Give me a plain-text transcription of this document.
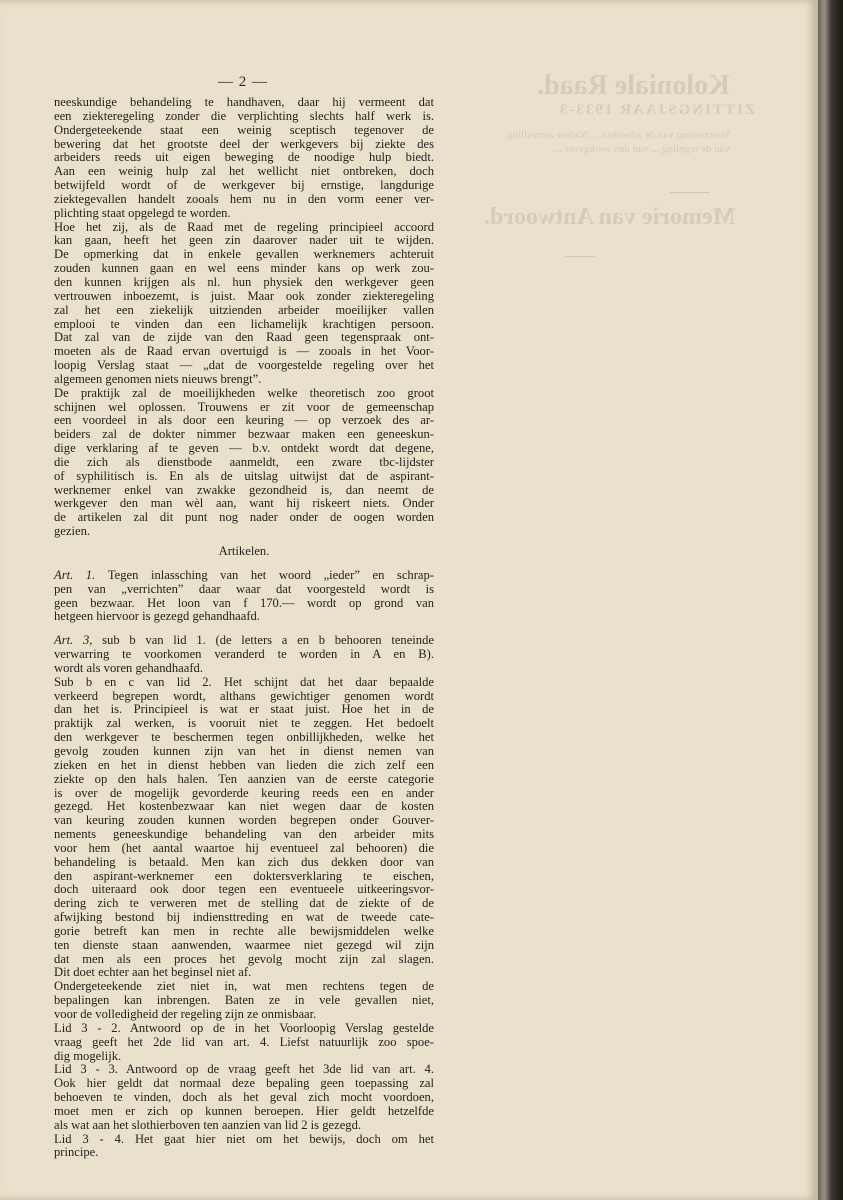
Koloniale Raad.
ZITTINGSJAAR 1933-3
Voorziening van de arbeiders ... Nadere aanvulling van de regeling ... van den werkgever ...
Memorie van Antwoord.
— 2 —
neeskundige behandeling te handhaven, daar hij vermeent dat
een ziekteregeling zonder die verplichting slechts half werk is.
Ondergeteekende staat een weinig sceptisch tegenover de
bewering dat het grootste deel der werkgevers bij ziekte des
arbeiders reeds uit eigen beweging de noodige hulp biedt.
Aan een weinig hulp zal het wellicht niet ontbreken, doch
betwijfeld wordt of de werkgever bij ernstige, langdurige
ziektegevallen handelt zooals hem nu in den vorm eener ver-
plichting staat opgelegd te worden.
Hoe het zij, als de Raad met de regeling principieel accoord
kan gaan, heeft het geen zin daarover nader uit te wijden.
De opmerking dat in enkele gevallen werknemers achteruit
zouden kunnen gaan en wel eens minder kans op werk zou-
den kunnen krijgen als nl. hun physiek den werkgever geen
vertrouwen inboezemt, is juist. Maar ook zonder ziekteregeling
zal het een ziekelijk uitzienden arbeider moeilijker vallen
emplooi te vinden dan een lichamelijk krachtigen persoon.
Dat zal van de zijde van den Raad geen tegenspraak ont-
moeten als de Raad ervan overtuigd is — zooals in het Voor-
loopig Verslag staat — „dat de voorgestelde regeling over het
algemeen genomen niets nieuws brengt”.
De praktijk zal de moeilijkheden welke theoretisch zoo groot
schijnen wel oplossen. Trouwens er zit voor de gemeenschap
een voordeel in als door een keuring — op verzoek des ar-
beiders zal de dokter nimmer bezwaar maken een geneeskun-
dige verklaring af te geven — b.v. ontdekt wordt dat degene,
die zich als dienstbode aanmeldt, een zware tbc-lijdster
of syphilitisch is. En als de uitslag uitwijst dat de aspirant-
werknemer enkel van zwakke gezondheid is, dan neemt de
werkgever den man wèl aan, want hij riskeert niets. Onder
de artikelen zal dit punt nog nader onder de oogen worden
gezien.
Artikelen.
Art. 1. Tegen inlassching van het woord „ieder” en schrap-
pen van „verrichten” daar waar dat voorgesteld wordt is
geen bezwaar. Het loon van f 170.— wordt op grond van
hetgeen hiervoor is gezegd gehandhaafd.
Art. 3, sub b van lid 1. (de letters a en b behooren teneinde
verwarring te voorkomen veranderd te worden in A en B).
wordt als voren gehandhaafd.
Sub b en c van lid 2. Het schijnt dat het daar bepaalde
verkeerd begrepen wordt, althans gewichtiger genomen wordt
dan het is. Principieel is wat er staat juist. Hoe het in de
praktijk zal werken, is vooruit niet te zeggen. Het bedoelt
den werkgever te beschermen tegen onbillijkheden, welke het
gevolg zouden kunnen zijn van het in dienst nemen van
zieken en het in dienst hebben van lieden die zich zelf een
ziekte op den hals halen. Ten aanzien van de eerste categorie
is over de mogelijk gevorderde keuring reeds een en ander
gezegd. Het kostenbezwaar kan niet wegen daar de kosten
van keuring zouden kunnen worden begrepen onder Gouver-
nements geneeskundige behandeling van den arbeider mits
voor hem (het aantal waartoe hij eventueel zal behooren) die
behandeling is betaald. Men kan zich dus dekken door van
den aspirant-werknemer een doktersverklaring te eischen,
doch uiteraard ook door tegen een eventueele uitkeeringsvor-
dering zich te verweren met de stelling dat de ziekte of de
afwijking bestond bij indiensttreding en wat de tweede cate-
gorie betreft kan men in rechte alle bewijsmiddelen welke
ten dienste staan aanwenden, waarmee niet gezegd wil zijn
dat men als een proces het gevolg mocht zijn zal slagen.
Dit doet echter aan het beginsel niet af.
Ondergeteekende ziet niet in, wat men rechtens tegen de
bepalingen kan inbrengen. Baten ze in vele gevallen niet,
voor de volledigheid der regeling zijn ze onmisbaar.
Lid 3 - 2. Antwoord op de in het Voorloopig Verslag gestelde
vraag geeft het 2de lid van art. 4. Liefst natuurlijk zoo spoe-
dig mogelijk.
Lid 3 - 3. Antwoord op de vraag geeft het 3de lid van art. 4.
Ook hier geldt dat normaal deze bepaling geen toepassing zal
behoeven te vinden, doch als het geval zich mocht voordoen,
moet men er zich op kunnen beroepen. Hier geldt hetzelfde
als wat aan het slothierboven ten aanzien van lid 2 is gezegd.
Lid 3 - 4. Het gaat hier niet om het bewijs, doch om het
principe.
